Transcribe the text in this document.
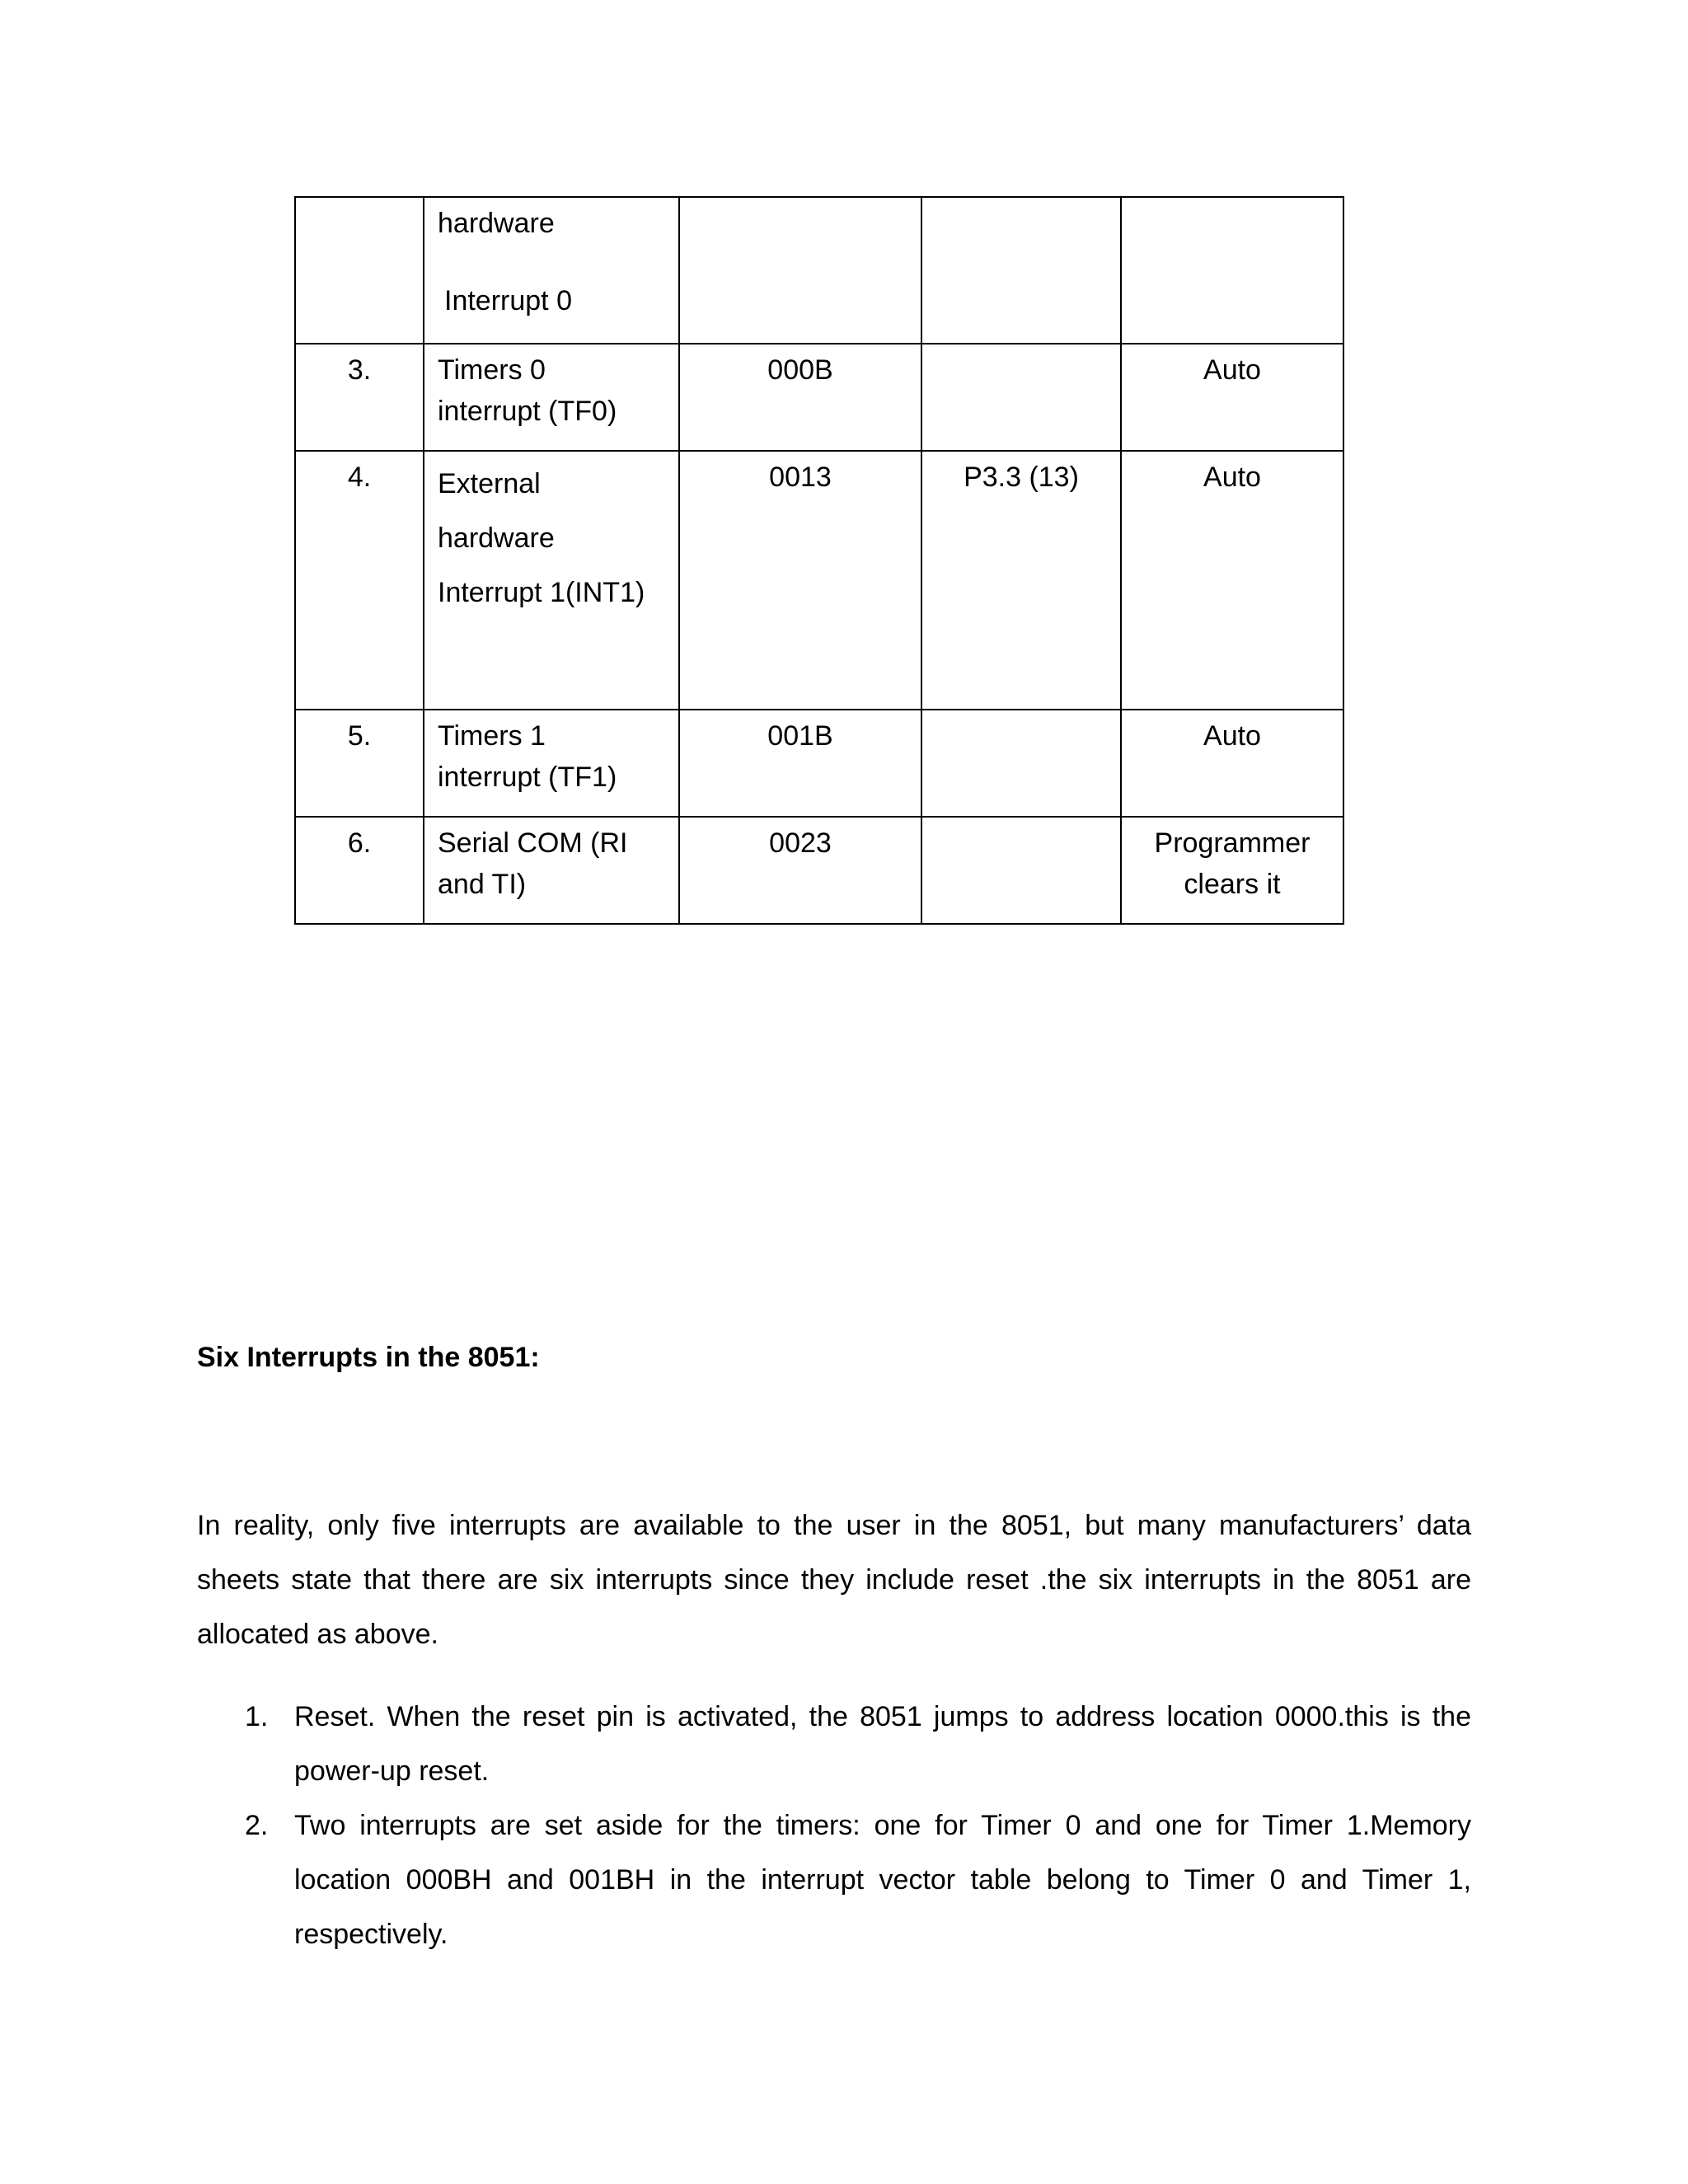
	hardware
Interrupt 0			

3.	Timers 0
interrupt (TF0)	000B		Auto

4.	External
hardware
Interrupt 1(INT1)	0013	P3.3 (13)	Auto

5.	Timers 1
interrupt (TF1)	001B		Auto

6.	Serial COM (RI
and TI)	0023		Programmer
clears it
Six Interrupts in the 8051:

In reality, only five interrupts are available to the user in the 8051, but many manufacturers’ data sheets state that there are six interrupts since they include reset .the six interrupts in the 8051 are allocated as above.

1. Reset. When the reset pin is activated, the 8051 jumps to address location 0000.this is the power-up reset.
2. Two interrupts are set aside for the timers: one for Timer 0 and one for Timer 1.Memory location 000BH and 001BH in the interrupt vector table belong to Timer 0 and Timer 1, respectively.
